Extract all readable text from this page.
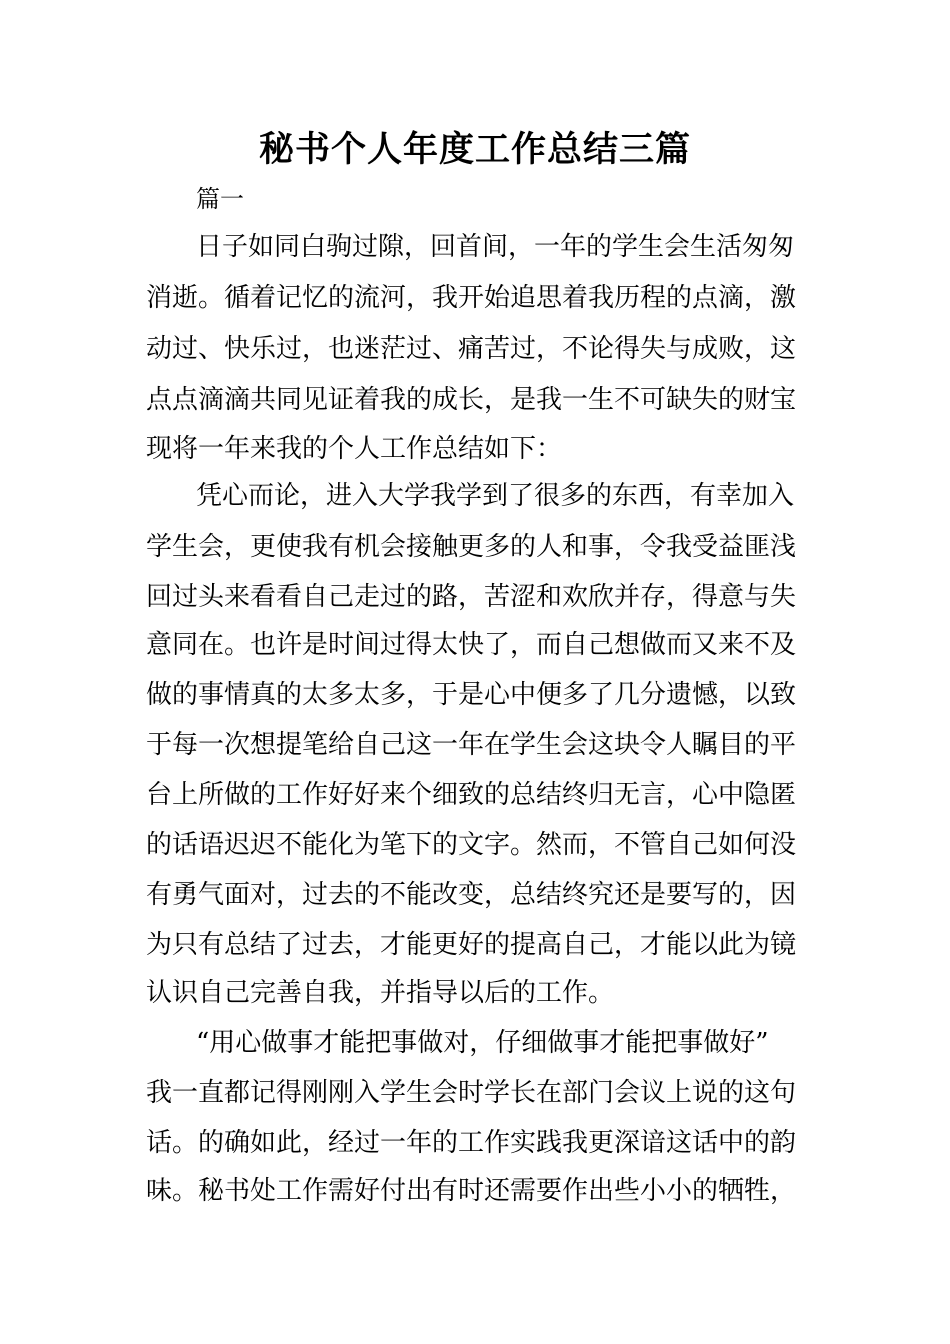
秘书个人年度工作总结三篇
篇一
日子如同白驹过隙，回首间，一年的学生会生活匆匆
消逝。循着记忆的流河，我开始追思着我历程的点滴，激
动过、快乐过，也迷茫过、痛苦过，不论得失与成败，这
点点滴滴共同见证着我的成长，是我一生不可缺失的财宝
现将一年来我的个人工作总结如下：
凭心而论，进入大学我学到了很多的东西，有幸加入
学生会，更使我有机会接触更多的人和事，令我受益匪浅
回过头来看看自己走过的路，苦涩和欢欣并存，得意与失
意同在。也许是时间过得太快了，而自己想做而又来不及
做的事情真的太多太多，于是心中便多了几分遗憾，以致
于每一次想提笔给自己这一年在学生会这块令人瞩目的平
台上所做的工作好好来个细致的总结终归无言，心中隐匿
的话语迟迟不能化为笔下的文字。然而，不管自己如何没
有勇气面对，过去的不能改变，总结终究还是要写的，因
为只有总结了过去，才能更好的提高自己，才能以此为镜
认识自己完善自我，并指导以后的工作。
“用心做事才能把事做对，仔细做事才能把事做好”
我一直都记得刚刚入学生会时学长在部门会议上说的这句
话。的确如此，经过一年的工作实践我更深谙这话中的韵
味。秘书处工作需好付出有时还需要作出些小小的牺牲，
